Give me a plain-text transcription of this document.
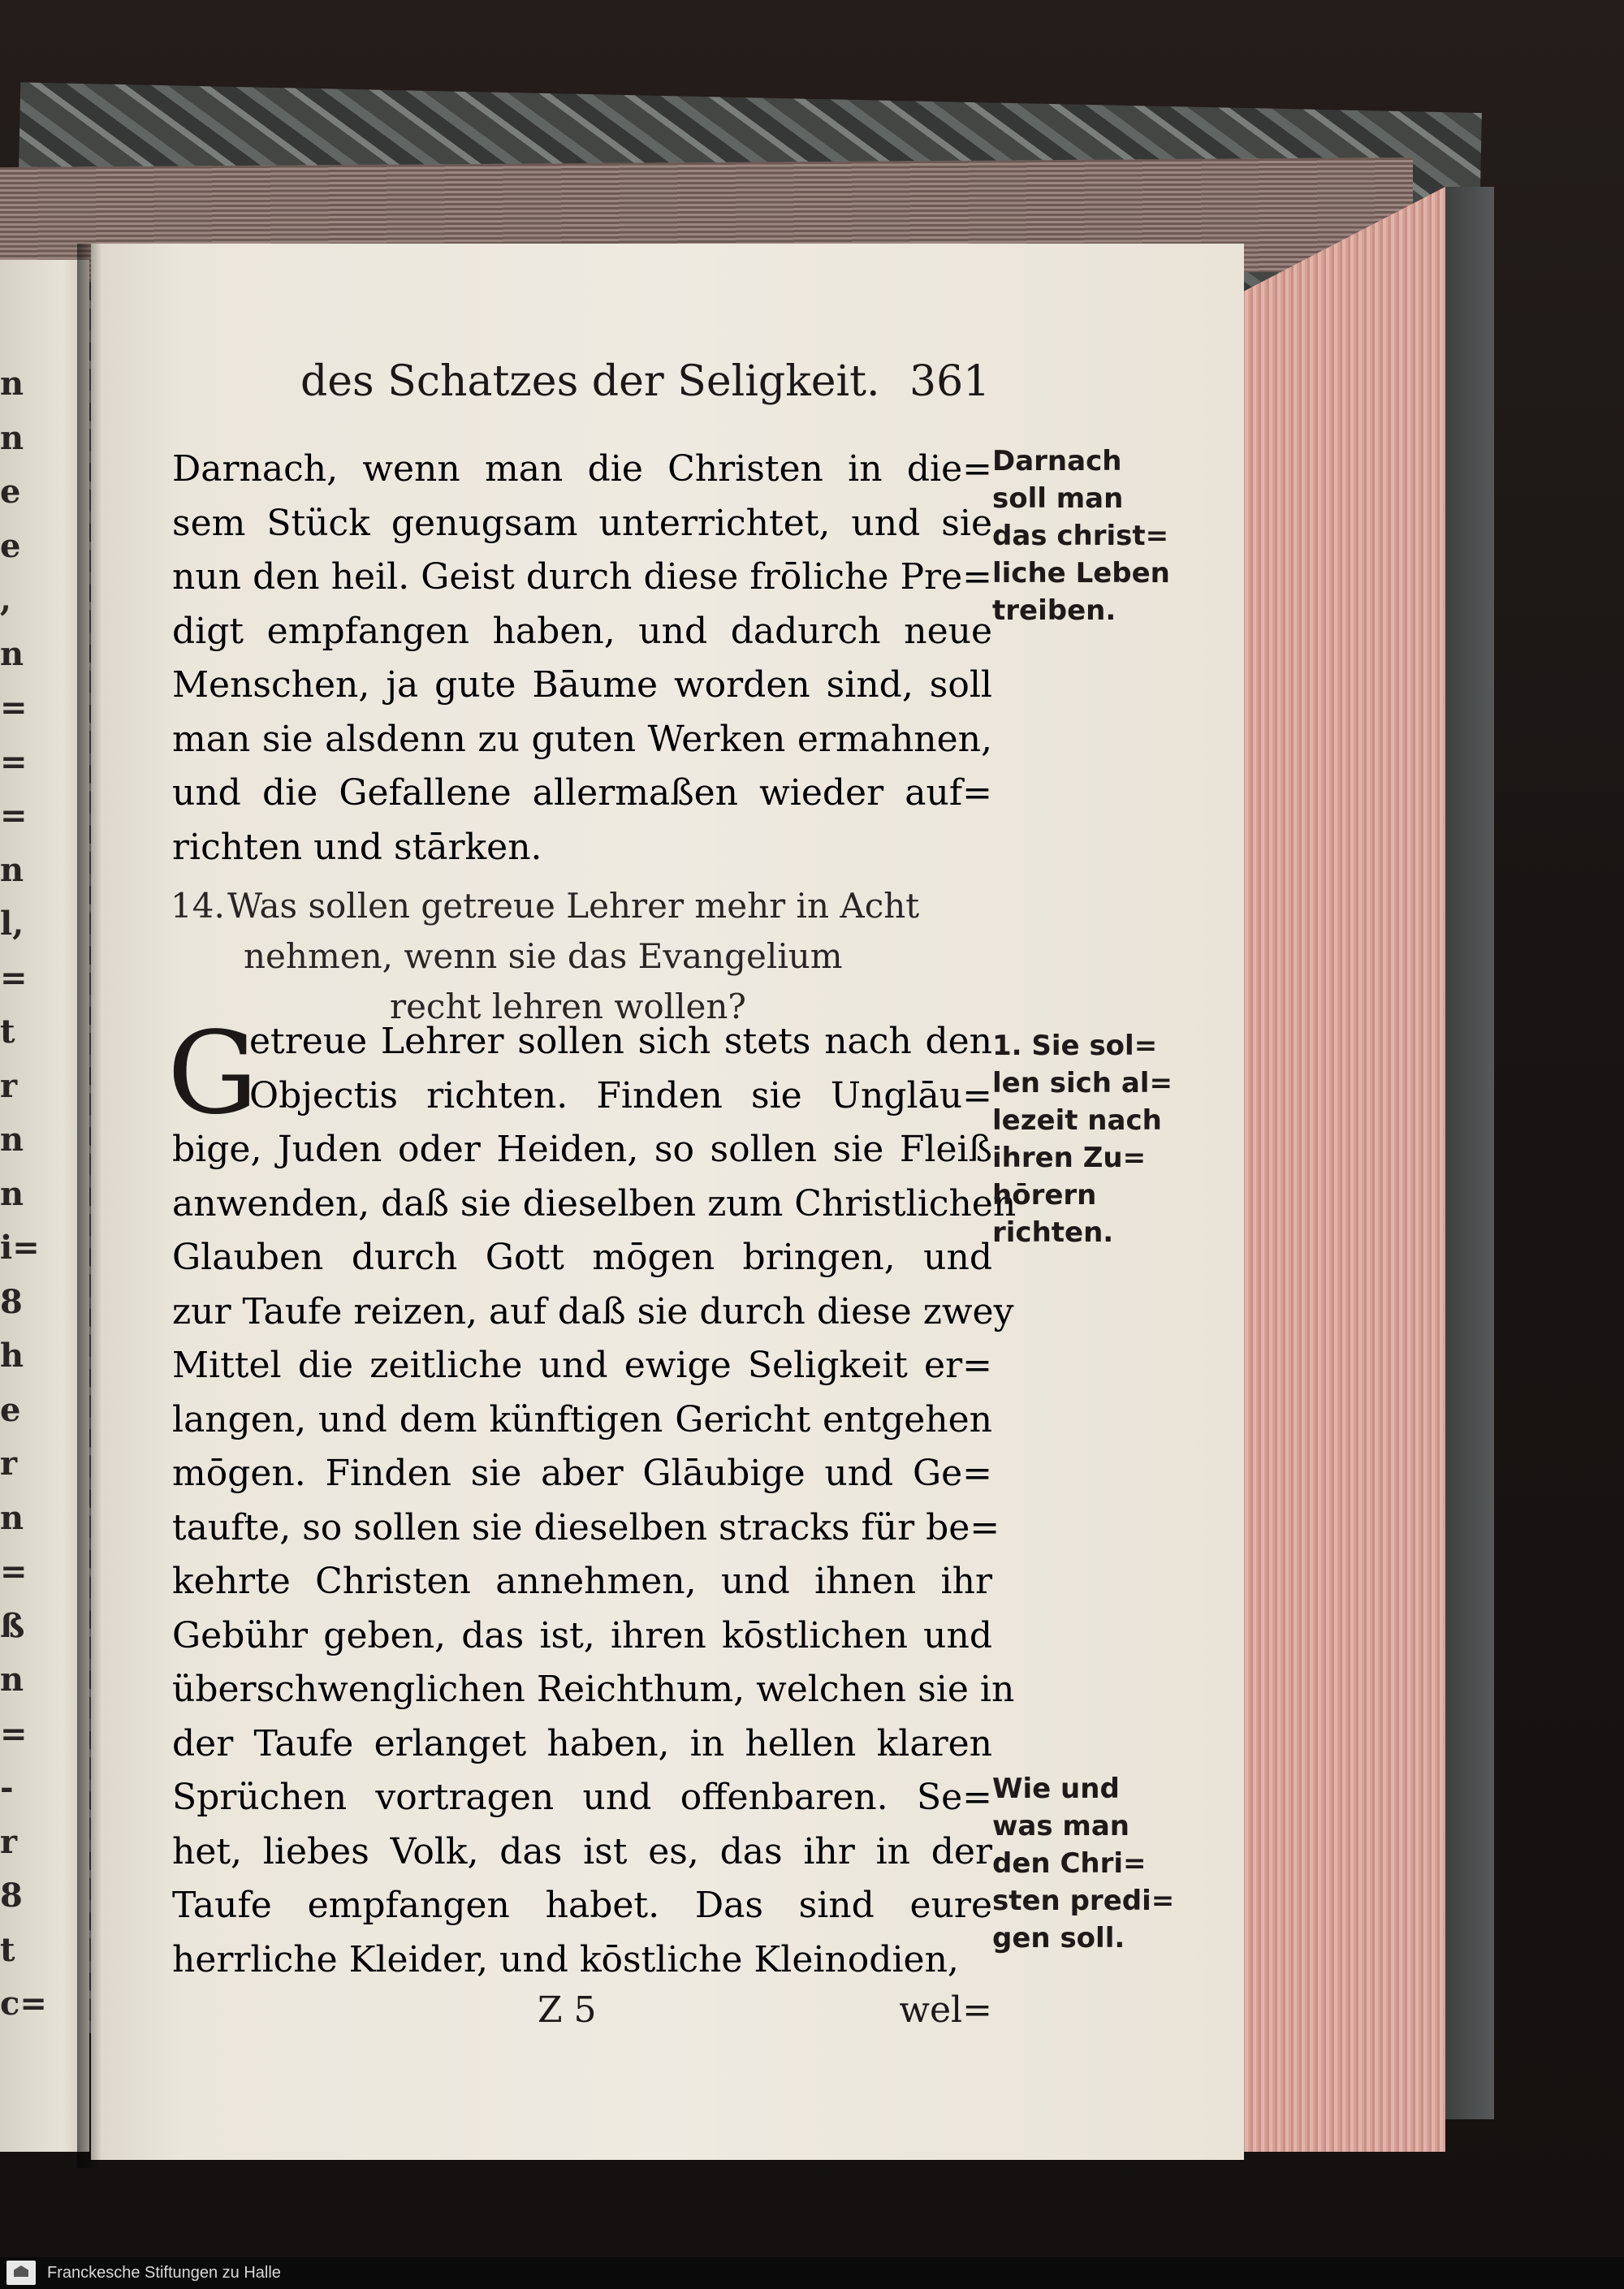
n
n
e
e
,
n
=
=
=
n
l,
=
t
r
n
n
i=
8
h
e
r
n
=
ß
n
=
-
r
8
t
c=
des Schatzes der Seligkeit. 361
Darnach, wenn man die Christen in die=
sem Stück genugsam unterrichtet, und sie
nun den heil. Geist durch diese frōliche Pre=
digt empfangen haben, und dadurch neue
Menschen, ja gute Bāume worden sind, soll
man sie alsdenn zu guten Werken ermahnen,
und die Gefallene allermaßen wieder auf=
richten und stārken.
14.Was sollen getreue Lehrer mehr in Acht
nehmen, wenn sie das Evangelium
recht lehren wollen?
G
etreue Lehrer sollen sich stets nach den
Objectis richten. Finden sie Unglāu=
bige, Juden oder Heiden, so sollen sie Fleiß
anwenden, daß sie dieselben zum Christlichen
Glauben durch Gott mōgen bringen, und
zur Taufe reizen, auf daß sie durch diese zwey
Mittel die zeitliche und ewige Seligkeit er=
langen, und dem künftigen Gericht entgehen
mōgen. Finden sie aber Glāubige und Ge=
taufte, so sollen sie dieselben stracks für be=
kehrte Christen annehmen, und ihnen ihr
Gebühr geben, das ist, ihren kōstlichen und
überschwenglichen Reichthum, welchen sie in
der Taufe erlanget haben, in hellen klaren
Sprüchen vortragen und offenbaren. Se=
het, liebes Volk, das ist es, das ihr in der
Taufe empfangen habet. Das sind eure
herrliche Kleider, und kōstliche Kleinodien,
Z 5	wel=
Darnach
soll man
das christ=
liche Leben
treiben.
1. Sie sol=
len sich al=
lezeit nach
ihren Zu=
hōrern
richten.
Wie und
was man
den Chri=
sten predi=
gen soll.
Franckesche Stiftungen zu Halle
